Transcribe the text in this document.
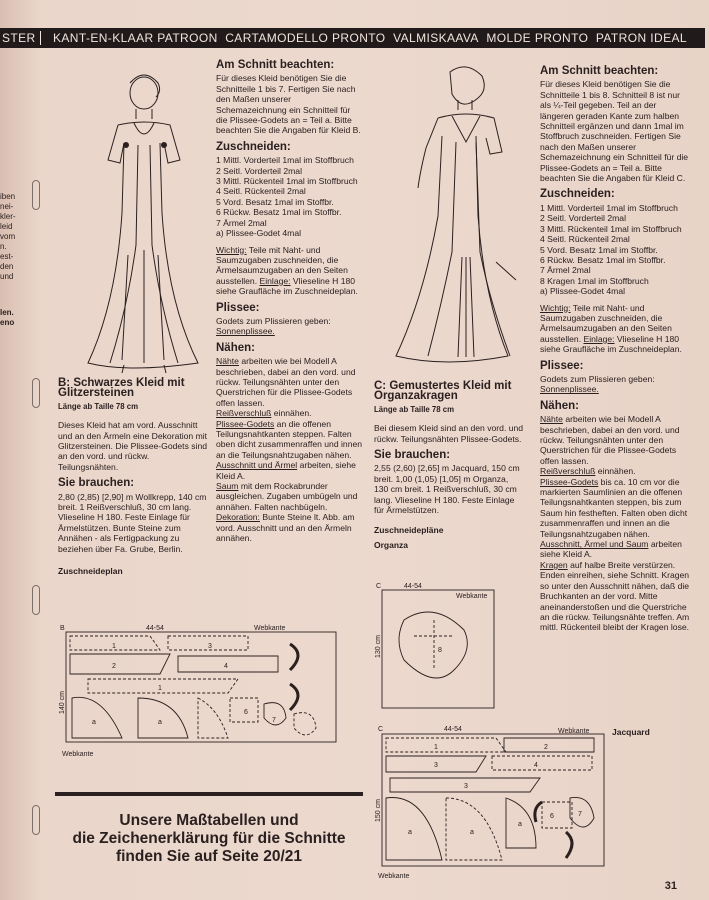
STER	KANT-EN-KLAAR PATROON CARTAMODELLO PRONTO VALMISKAAVA MOLDE PRONTO PATRON IDEAL
iben
nei-
kler-
leid
vom
n.
est-
den
und
len.
eno
B: Schwarzes Kleid mit Glitzersteinen
Länge ab Taille 78 cm

Dieses Kleid hat am vord. Ausschnitt und an den Ärmeln eine Dekoration mit Glitzersteinen. Die Plissee-Godets sind an den vord. und rückw. Teilungsnähten.

Sie brauchen:

2,80 (2,85) [2,90] m Wollkrepp, 140 cm breit. 1 Reißverschluß, 30 cm lang. Vlieseline H 180. Feste Einlage für Ärmelstützen. Bunte Steine zum Annähen - als Fertigpackung zu beziehen über Fa. Grube, Berlin.

Zuschneideplan
B	44-54	Webkante
Webkante
140 cm
1
2
3
4
1
a	a
6
7
Am Schnitt beachten:

Für dieses Kleid benötigen Sie die Schnitteile 1 bis 7. Fertigen Sie nach den Maßen unserer Schemazeichnung ein Schnitteil für die Plissee-Godets an = Teil a. Bitte beachten Sie die Angaben für Kleid B.

Zuschneiden:
1 Mittl. Vorderteil 1mal im Stoffbruch
2 Seitl. Vorderteil 2mal
3 Mittl. Rückenteil 1mal im Stoffbruch
4 Seitl. Rückenteil 2mal
5 Vord. Besatz 1mal im Stoffbr.
6 Rückw. Besatz 1mal im Stoffbr.
7 Ärmel 2mal
a) Plissee-Godet 4mal

Wichtig: Teile mit Naht- und Saumzugaben zuschneiden, die Ärmelsaumzugaben an den Seiten ausstellen. Einlage: Vlieseline H 180 siehe Graufläche im Zuschneideplan.

Plissee:

Godets zum Plissieren geben: Sonnenplissee.

Nähen:

Nähte arbeiten wie bei Modell A beschrieben, dabei an den vord. und rückw. Teilungsnähten unter den Querstrichen für die Plissee-Godets offen lassen.
Reißverschluß einnähen.
Plissee-Godets an die offenen Teilungsnahtkanten steppen. Falten oben dicht zusammenraffen und innen an die Teilungsnahtzugaben nähen.
Ausschnitt und Ärmel arbeiten, siehe Kleid A.
Saum mit dem Rockabrunder ausgleichen. Zugaben umbügeln und annähen. Falten nachbügeln.
Dekoration: Bunte Steine lt. Abb. am vord. Ausschnitt und an den Ärmeln annähen.

C: Gemustertes Kleid mit Organzakragen
Länge ab Taille 78 cm

Bei diesem Kleid sind an den vord. und rückw. Teilungsnähten Plissee-Godets.

Sie brauchen:

2,55 (2,60) [2,65] m Jacquard, 150 cm breit. 1,00 (1,05) [1,05] m Organza, 130 cm breit. 1 Reißverschluß, 30 cm lang. Vlieseline H 180. Feste Einlage für Ärmelstützen.

Zuschneidepläne
Organza
C	44-54
Webkante
130 cm	8
Jacquard
C	44-54	Webkante
Webkante
150 cm
1	2
3	4
3
a	a
a
7
6
Am Schnitt beachten:

Für dieses Kleid benötigen Sie die Schnitteile 1 bis 8. Schnitteil 8 ist nur als ¼-Teil gegeben. Teil an der längeren geraden Kante zum halben Schnitteil ergänzen und dann 1mal im Stoffbruch zuschneiden. Fertigen Sie nach den Maßen unserer Schemazeichnung ein Schnitteil für die Plissee-Godets an = Teil a. Bitte beachten Sie die Angaben für Kleid C.

Zuschneiden:
1 Mittl. Vorderteil 1mal im Stoffbruch
2 Seitl. Vorderteil 2mal
3 Mittl. Rückenteil 1mal im Stoffbruch
4 Seitl. Rückenteil 2mal
5 Vord. Besatz 1mal im Stoffbr.
6 Rückw. Besatz 1mal im Stoffbr.
7 Ärmel 2mal
8 Kragen 1mal im Stoffbruch
a) Plissee-Godet 4mal

Wichtig: Teile mit Naht- und Saumzugaben zuschneiden, die Ärmelsaumzugaben an den Seiten ausstellen. Einlage: Vlieseline H 180 siehe Graufläche im Zuschneideplan.

Plissee:

Godets zum Plissieren geben: Sonnenplissee.

Nähen:

Nähte arbeiten wie bei Modell A beschrieben, dabei an den vord. und rückw. Teilungsnähten unter den Querstrichen für die Plissee-Godets offen lassen.
Reißverschluß einnähen.
Plissee-Godets bis ca. 10 cm vor die markierten Saumlinien an die offenen Teilungsnahtkanten steppen, bis zum Saum hin festheften. Falten oben dicht zusammenraffen und innen an die Teilungsnahtzugaben nähen.
Ausschnitt, Ärmel und Saum arbeiten siehe Kleid A.
Kragen auf halbe Breite verstürzen. Enden einreihen, siehe Schnitt. Kragen so unter den Ausschnitt nähen, daß die Bruchkanten an der vord. Mitte aneinanderstoßen und die Querstriche an die rückw. Teilungsnähte treffen. Am mittl. Rückenteil bleibt der Kragen lose.

Unsere Maßtabellen und
die Zeichenerklärung für die Schnitte
finden Sie auf Seite 20/21
31
